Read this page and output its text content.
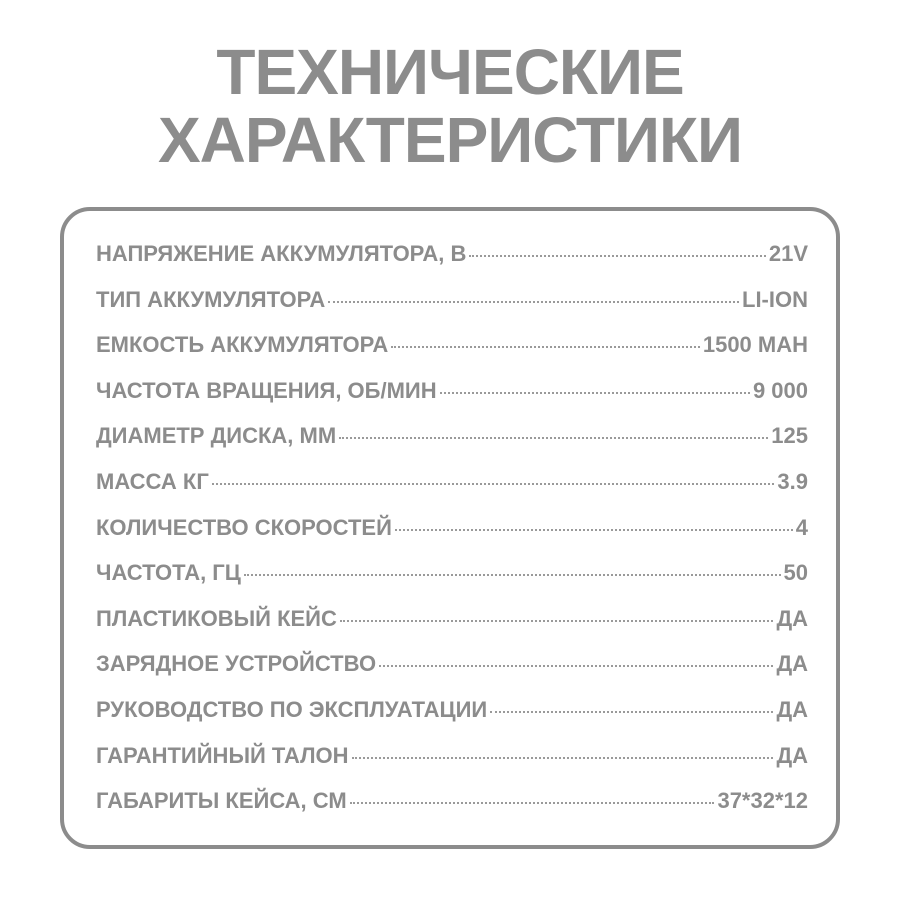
ТЕХНИЧЕСКИЕ
ХАРАКТЕРИСТИКИ
НАПРЯЖЕНИЕ АККУМУЛЯТОРА, В	21V
ТИП АККУМУЛЯТОРА	LI-ION
ЕМКОСТЬ АККУМУЛЯТОРА	1500 МАН
ЧАСТОТА ВРАЩЕНИЯ, ОБ/МИН	9 000
ДИАМЕТР ДИСКА, ММ	125
МАССА КГ	3.9
КОЛИЧЕСТВО СКОРОСТЕЙ	4
ЧАСТОТА, ГЦ	50
ПЛАСТИКОВЫЙ КЕЙС	ДА
ЗАРЯДНОЕ УСТРОЙСТВО	ДА
РУКОВОДСТВО ПО ЭКСПЛУАТАЦИИ	ДА
ГАРАНТИЙНЫЙ ТАЛОН	ДА
ГАБАРИТЫ КЕЙСА, СМ	37*32*12
